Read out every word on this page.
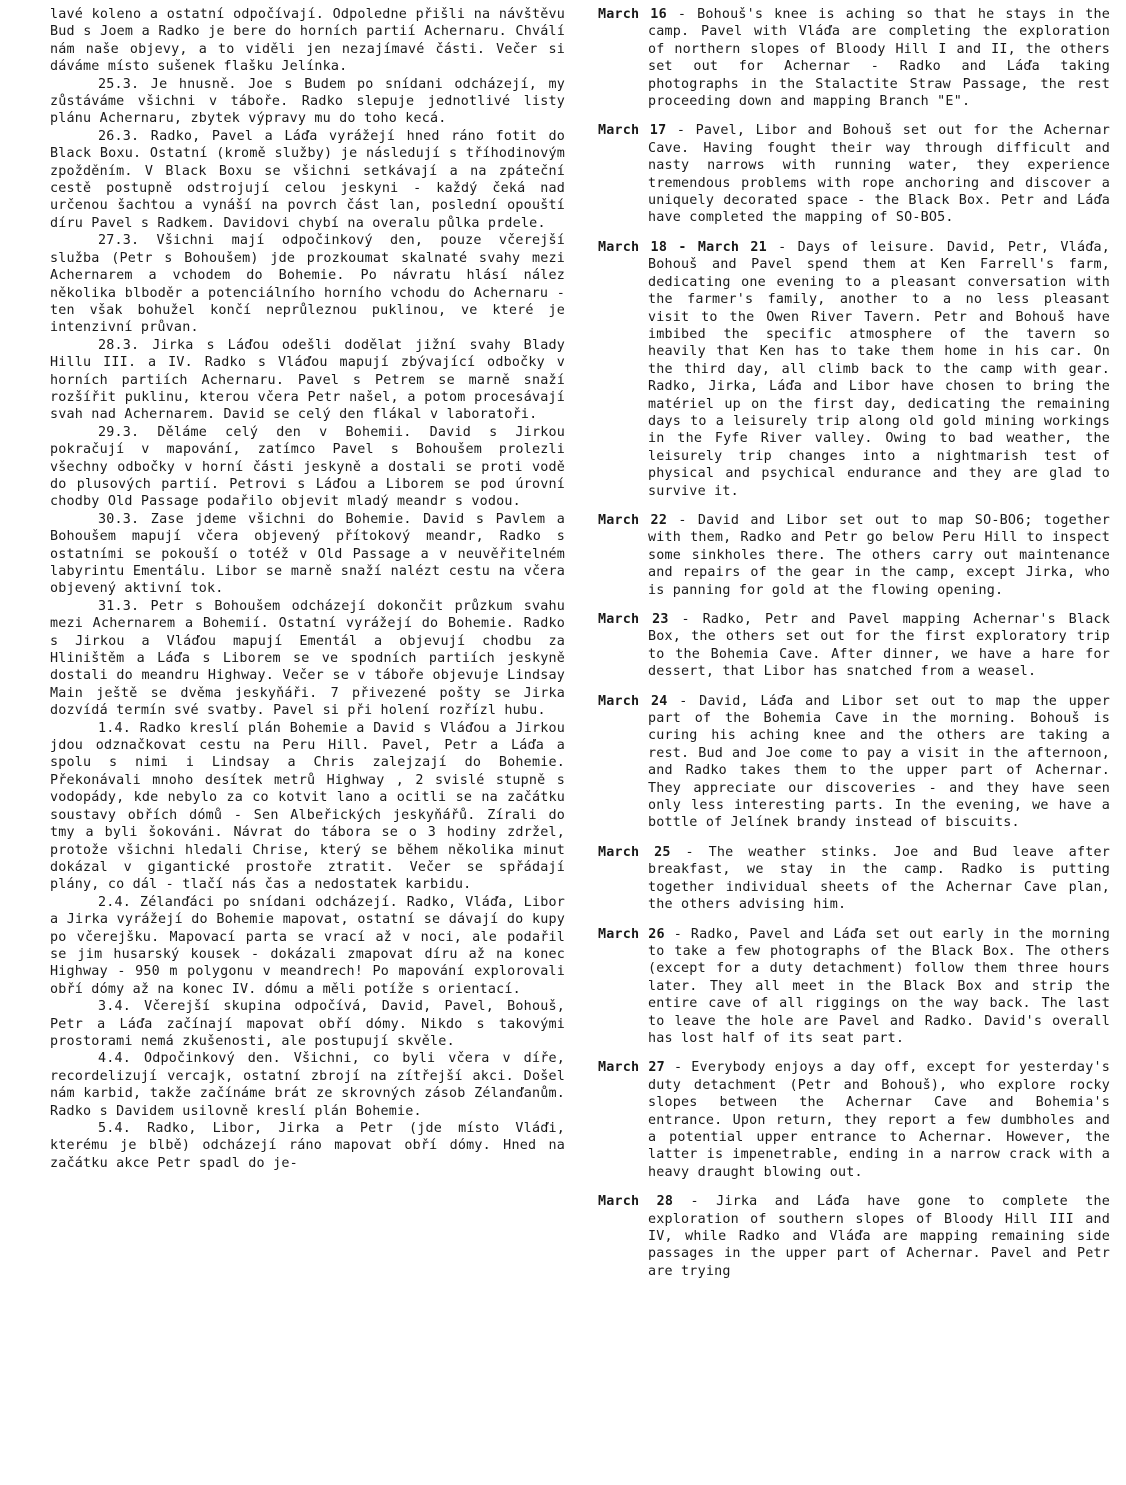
lavé koleno a ostatní odpočívají. Odpoledne přišli na návštěvu Bud s Joem a Radko je bere do horních partií Achernaru. Chválí nám naše objevy, a to viděli jen nezajímavé části. Večer si dáváme místo sušenek flašku Jelínka.

25.3. Je hnusně. Joe s Budem po snídani odcházejí, my zůstáváme všichni v táboře. Radko slepuje jednotlivé listy plánu Achernaru, zbytek výpravy mu do toho kecá.

26.3. Radko, Pavel a Láďa vyrážejí hned ráno fotit do Black Boxu. Ostatní (kromě služby) je následují s tříhodinovým zpožděním. V Black Boxu se všichni setkávají a na zpáteční cestě postupně odstrojují celou jeskyni - každý čeká nad určenou šachtou a vynáší na povrch část lan, poslední opouští díru Pavel s Radkem. Davidovi chybí na overalu půlka prdele.

27.3. Všichni mají odpočinkový den, pouze včerejší služba (Petr s Bohoušem) jde prozkoumat skalnaté svahy mezi Achernarem a vchodem do Bohemie. Po návratu hlásí nález několika blboděr a potenciálního horního vchodu do Achernaru - ten však bohužel končí neprůleznou puklinou, ve které je intenzivní průvan.

28.3. Jirka s Láďou odešli dodělat jižní svahy Blady Hillu III. a IV. Radko s Vláďou mapují zbývající odbočky v horních partiích Achernaru. Pavel s Petrem se marně snaží rozšířit puklinu, kterou včera Petr našel, a potom procesávají svah nad Achernarem. David se celý den flákal v laboratoři.

29.3. Děláme celý den v Bohemii. David s Jirkou pokračují v mapování, zatímco Pavel s Bohoušem prolezli všechny odbočky v horní části jeskyně a dostali se proti vodě do plusových partií. Petrovi s Láďou a Liborem se pod úrovní chodby Old Passage podařilo objevit mladý meandr s vodou.

30.3. Zase jdeme všichni do Bohemie. David s Pavlem a Bohoušem mapují včera objevený přítokový meandr, Radko s ostatními se pokouší o totéž v Old Passage a v neuvěřitelném labyrintu Ementálu. Libor se marně snaží nalézt cestu na včera objevený aktivní tok.

31.3. Petr s Bohoušem odcházejí dokončit průzkum svahu mezi Achernarem a Bohemií. Ostatní vyrážejí do Bohemie. Radko s Jirkou a Vláďou mapují Ementál a objevují chodbu za Hliništěm a Láďa s Liborem se ve spodních partiích jeskyně dostali do meandru Highway. Večer se v táboře objevuje Lindsay Main ještě se dvěma jeskyňáři. 7 přivezené pošty se Jirka dozvídá termín své svatby. Pavel si při holení rozřízl hubu.

1.4. Radko kreslí plán Bohemie a David s Vláďou a Jirkou jdou odznačkovat cestu na Peru Hill. Pavel, Petr a Láďa a spolu s nimi i Lindsay a Chris zalejzají do Bohemie. Překonávali mnoho desítek metrů Highway , 2 svislé stupně s vodopády, kde nebylo za co kotvit lano a ocitli se na začátku soustavy obřích dómů - Sen Albeřických jeskyňářů. Zírali do tmy a byli šokováni. Návrat do tábora se o 3 hodiny zdržel, protože všichni hledali Chrise, který se během několika minut dokázal v gigantické prostoře ztratit. Večer se spřádají plány, co dál - tlačí nás čas a nedostatek karbidu.

2.4. Zélanďáci po snídani odcházejí. Radko, Vláďa, Libor a Jirka vyrážejí do Bohemie mapovat, ostatní se dávají do kupy po včerejšku. Mapovací parta se vrací až v noci, ale podařil se jim husarský kousek - dokázali zmapovat díru až na konec Highway - 950 m polygonu v meandrech! Po mapování explorovali obří dómy až na konec IV. dómu a měli potíže s orientací.

3.4. Včerejší skupina odpočívá, David, Pavel, Bohouš, Petr a Láďa začínají mapovat obří dómy. Nikdo s takovými prostorami nemá zkušenosti, ale postupují skvěle.

4.4. Odpočinkový den. Všichni, co byli včera v díře, recordelizují vercajk, ostatní zbrojí na zítřejší akci. Došel nám karbid, takže začínáme brát ze skrovných zásob Zélanďanům. Radko s Davidem usilovně kreslí plán Bohemie.

5.4. Radko, Libor, Jirka a Petr (jde místo Vláďi, kterému je blbě) odcházejí ráno mapovat obří dómy. Hned na začátku akce Petr spadl do je-

March 16 - Bohouš's knee is aching so that he stays in the camp. Pavel with Vláďa are completing the exploration of northern slopes of Bloody Hill I and II, the others set out for Achernar - Radko and Láďa taking photographs in the Stalactite Straw Passage, the rest proceeding down and mapping Branch "E".

March 17 - Pavel, Libor and Bohouš set out for the Achernar Cave. Having fought their way through difficult and nasty narrows with running water, they experience tremendous problems with rope anchoring and discover a uniquely decorated space - the Black Box. Petr and Láďa have completed the mapping of SO-BO5.

March 18 - March 21 - Days of leisure. David, Petr, Vláďa, Bohouš and Pavel spend them at Ken Farrell's farm, dedicating one evening to a pleasant conversation with the farmer's family, another to a no less pleasant visit to the Owen River Tavern. Petr and Bohouš have imbibed the specific atmosphere of the tavern so heavily that Ken has to take them home in his car. On the third day, all climb back to the camp with gear. Radko, Jirka, Láďa and Libor have chosen to bring the matériel up on the first day, dedicating the remaining days to a leisurely trip along old gold mining workings in the Fyfe River valley. Owing to bad weather, the leisurely trip changes into a nightmarish test of physical and psychical endurance and they are glad to survive it.

March 22 - David and Libor set out to map SO-BO6; together with them, Radko and Petr go below Peru Hill to inspect some sinkholes there. The others carry out maintenance and repairs of the gear in the camp, except Jirka, who is panning for gold at the flowing opening.

March 23 - Radko, Petr and Pavel mapping Achernar's Black Box, the others set out for the first exploratory trip to the Bohemia Cave. After dinner, we have a hare for dessert, that Libor has snatched from a weasel.

March 24 - David, Láďa and Libor set out to map the upper part of the Bohemia Cave in the morning. Bohouš is curing his aching knee and the others are taking a rest. Bud and Joe come to pay a visit in the afternoon, and Radko takes them to the upper part of Achernar. They appreciate our discoveries - and they have seen only less interesting parts. In the evening, we have a bottle of Jelínek brandy instead of biscuits.

March 25 - The weather stinks. Joe and Bud leave after breakfast, we stay in the camp. Radko is putting together individual sheets of the Achernar Cave plan, the others advising him.

March 26 - Radko, Pavel and Láďa set out early in the morning to take a few photographs of the Black Box. The others (except for a duty detachment) follow them three hours later. They all meet in the Black Box and strip the entire cave of all riggings on the way back. The last to leave the hole are Pavel and Radko. David's overall has lost half of its seat part.

March 27 - Everybody enjoys a day off, except for yesterday's duty detachment (Petr and Bohouš), who explore rocky slopes between the Achernar Cave and Bohemia's entrance. Upon return, they report a few dumbholes and a potential upper entrance to Achernar. However, the latter is impenetrable, ending in a narrow crack with a heavy draught blowing out.

March 28 - Jirka and Láďa have gone to complete the exploration of southern slopes of Bloody Hill III and IV, while Radko and Vláďa are mapping remaining side passages in the upper part of Achernar. Pavel and Petr are trying
